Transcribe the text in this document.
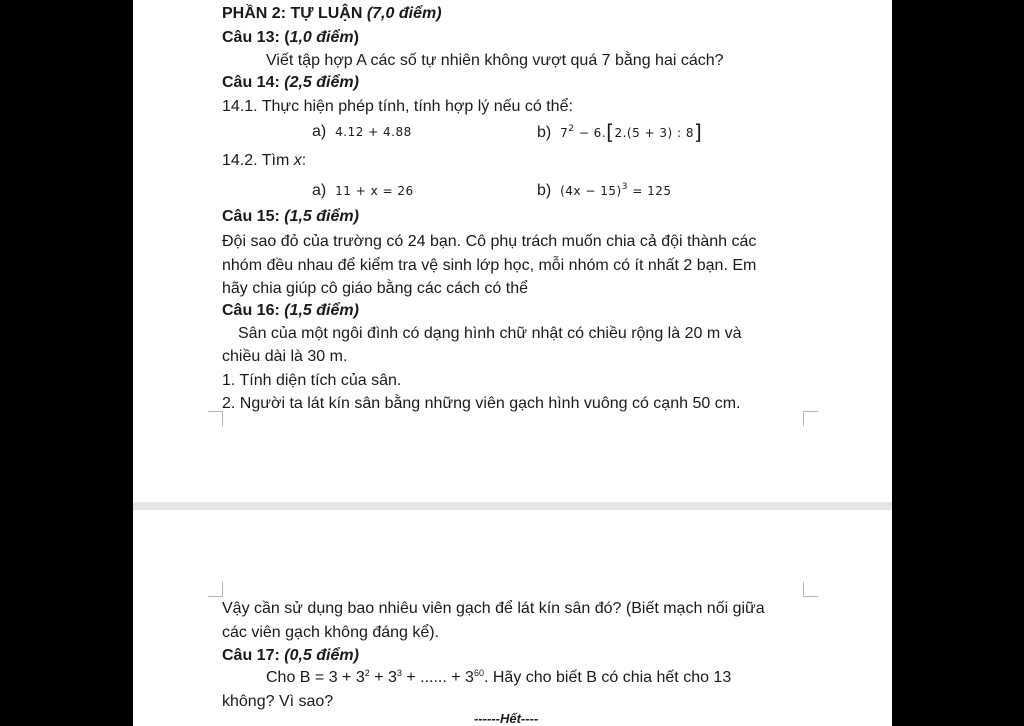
PHẦN 2: TỰ LUẬN (7,0 điểm)
Câu 13: (1,0 điểm)
Viết tập hợp A các số tự nhiên không vượt quá 7 bằng hai cách?
Câu 14: (2,5 điểm)
14.1. Thực hiện phép tính, tính hợp lý nếu có thể:
a) 4.12 + 4.88	b) $7^2 - 6.[2.(5 + 3)$ : 8]
14.2. Tìm x:
a) 11 + x = 26	b) $(4x - 15)^3 = 125$
Câu 15: (1,5 điểm)
Đội sao đỏ của trường có 24 bạn. Cô phụ trách muốn chia cả đội thành các
nhóm đều nhau để kiểm tra vệ sinh lớp học, mỗi nhóm có ít nhất 2 bạn. Em
hãy chia giúp cô giáo bằng các cách có thể
Câu 16: (1,5 điểm)
Sân của một ngôi đình có dạng hình chữ nhật có chiều rộng là 20 m và
chiều dài là 30 m.
1. Tính diện tích của sân.
2. Người ta lát kín sân bằng những viên gạch hình vuông có cạnh 50 cm.
Vậy cần sử dụng bao nhiêu viên gạch để lát kín sân đó? (Biết mạch nối giữa
các viên gạch không đáng kể).
Câu 17: (0,5 điểm)
Cho $B = 3 + 3^2 + 3^3$ + ...... + $3^{60}$. Hãy cho biết B có chia hết cho 13
không? Vì sao?
------Hết----
